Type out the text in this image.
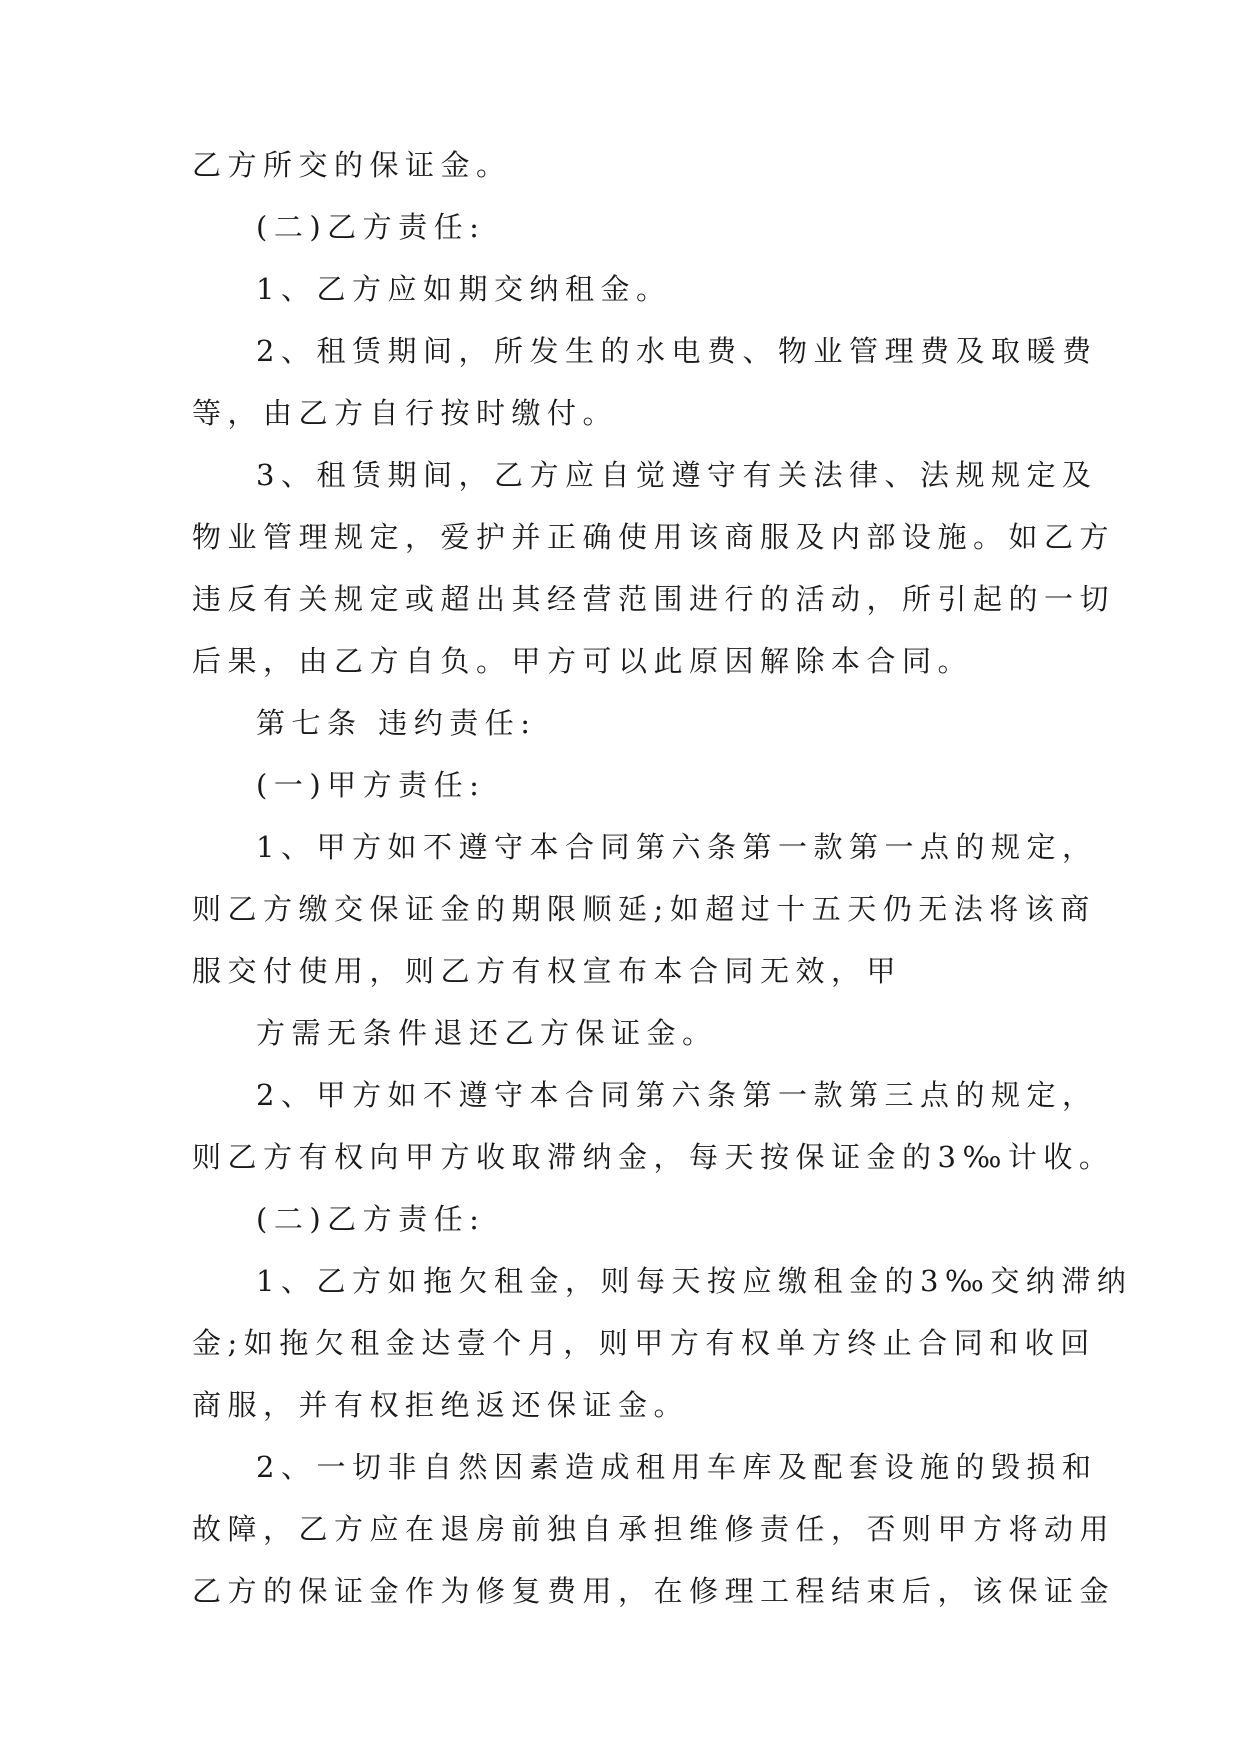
乙方所交的保证金。
(二)乙方责任:
1、乙方应如期交纳租金。
2、租赁期间，所发生的水电费、物业管理费及取暖费
等，由乙方自行按时缴付。
3、租赁期间，乙方应自觉遵守有关法律、法规规定及
物业管理规定，爱护并正确使用该商服及内部设施。如乙方
违反有关规定或超出其经营范围进行的活动，所引起的一切
后果，由乙方自负。甲方可以此原因解除本合同。
第七条 违约责任:
(一)甲方责任:
1、甲方如不遵守本合同第六条第一款第一点的规定，
则乙方缴交保证金的期限顺延;如超过十五天仍无法将该商
服交付使用，则乙方有权宣布本合同无效，甲
方需无条件退还乙方保证金。
2、甲方如不遵守本合同第六条第一款第三点的规定，
则乙方有权向甲方收取滞纳金，每天按保证金的3‰计收。
(二)乙方责任:
1、乙方如拖欠租金，则每天按应缴租金的3‰交纳滞纳
金;如拖欠租金达壹个月，则甲方有权单方终止合同和收回
商服，并有权拒绝返还保证金。
2、一切非自然因素造成租用车库及配套设施的毁损和
故障，乙方应在退房前独自承担维修责任，否则甲方将动用
乙方的保证金作为修复费用，在修理工程结束后，该保证金
